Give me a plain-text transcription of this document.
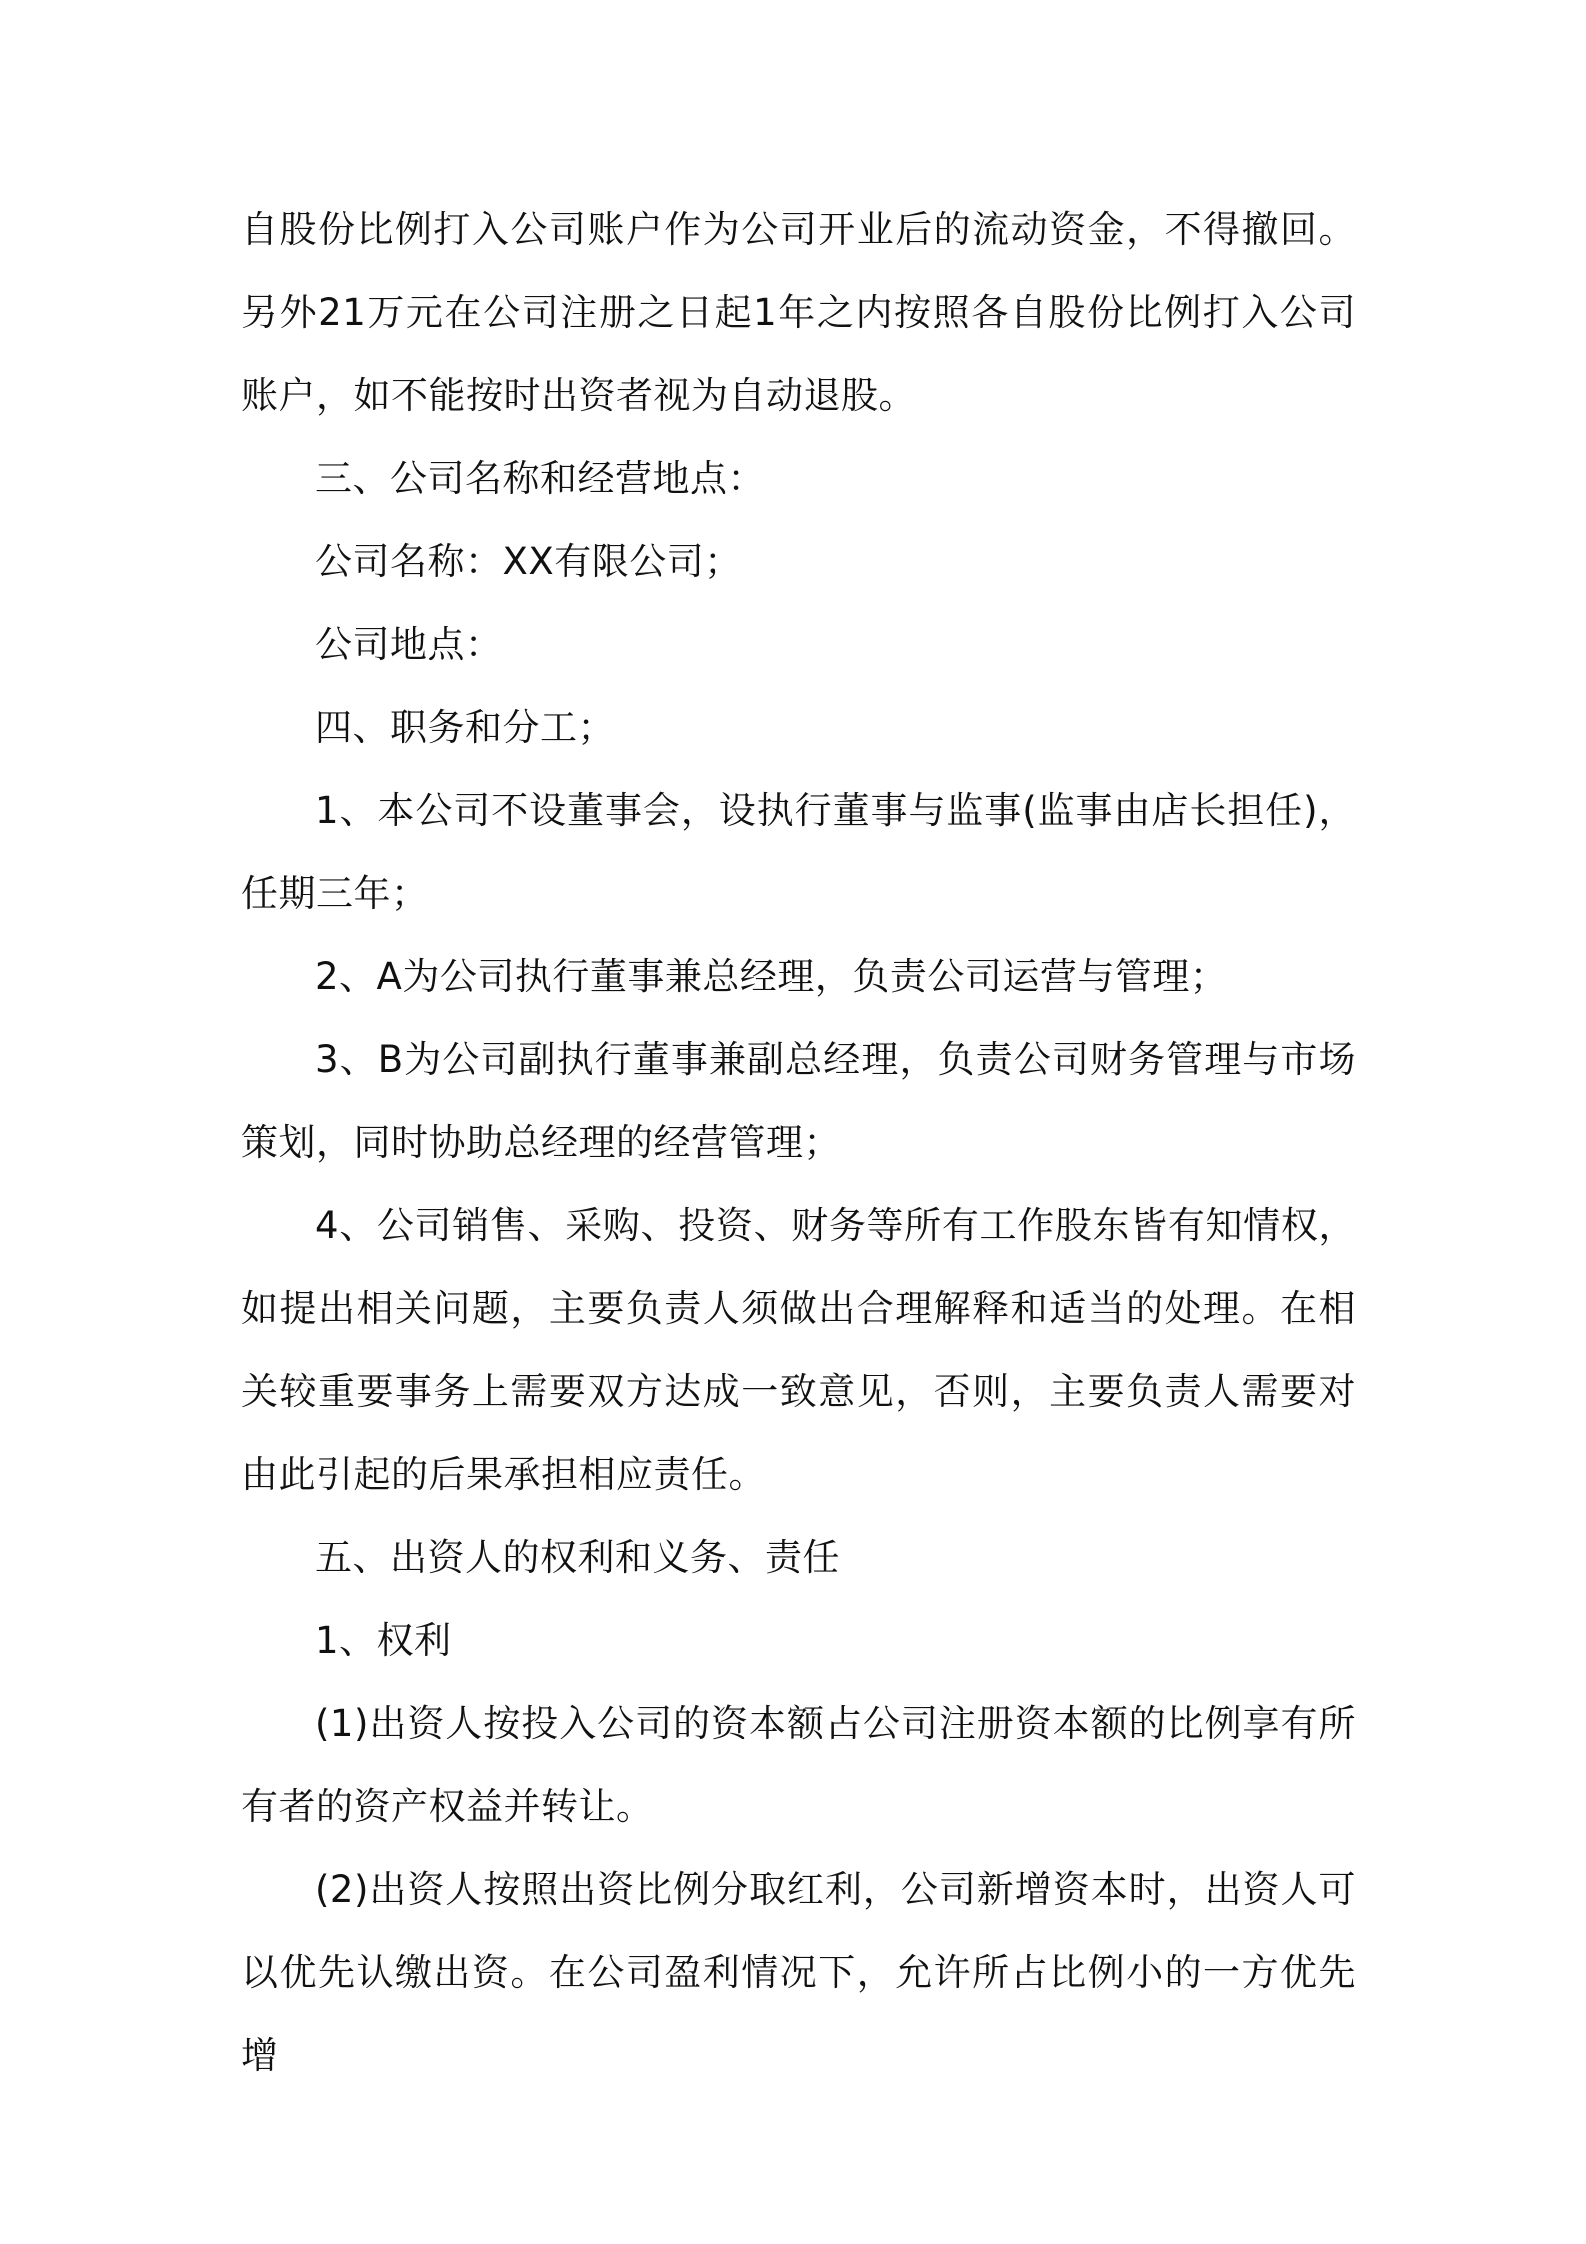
自股份比例打入公司账户作为公司开业后的流动资金，不得撤回。另外21万元在公司注册之日起1年之内按照各自股份比例打入公司账户，如不能按时出资者视为自动退股。

三、公司名称和经营地点：

公司名称：XX有限公司；

公司地点：

四、职务和分工；

1、本公司不设董事会，设执行董事与监事(监事由店长担任)，任期三年；

2、A为公司执行董事兼总经理，负责公司运营与管理；

3、B为公司副执行董事兼副总经理，负责公司财务管理与市场策划，同时协助总经理的经营管理；

4、公司销售、采购、投资、财务等所有工作股东皆有知情权，如提出相关问题，主要负责人须做出合理解释和适当的处理。在相关较重要事务上需要双方达成一致意见，否则，主要负责人需要对由此引起的后果承担相应责任。

五、出资人的权利和义务、责任

1、权利

(1)出资人按投入公司的资本额占公司注册资本额的比例享有所有者的资产权益并转让。

(2)出资人按照出资比例分取红利，公司新增资本时，出资人可以优先认缴出资。在公司盈利情况下，允许所占比例小的一方优先增
